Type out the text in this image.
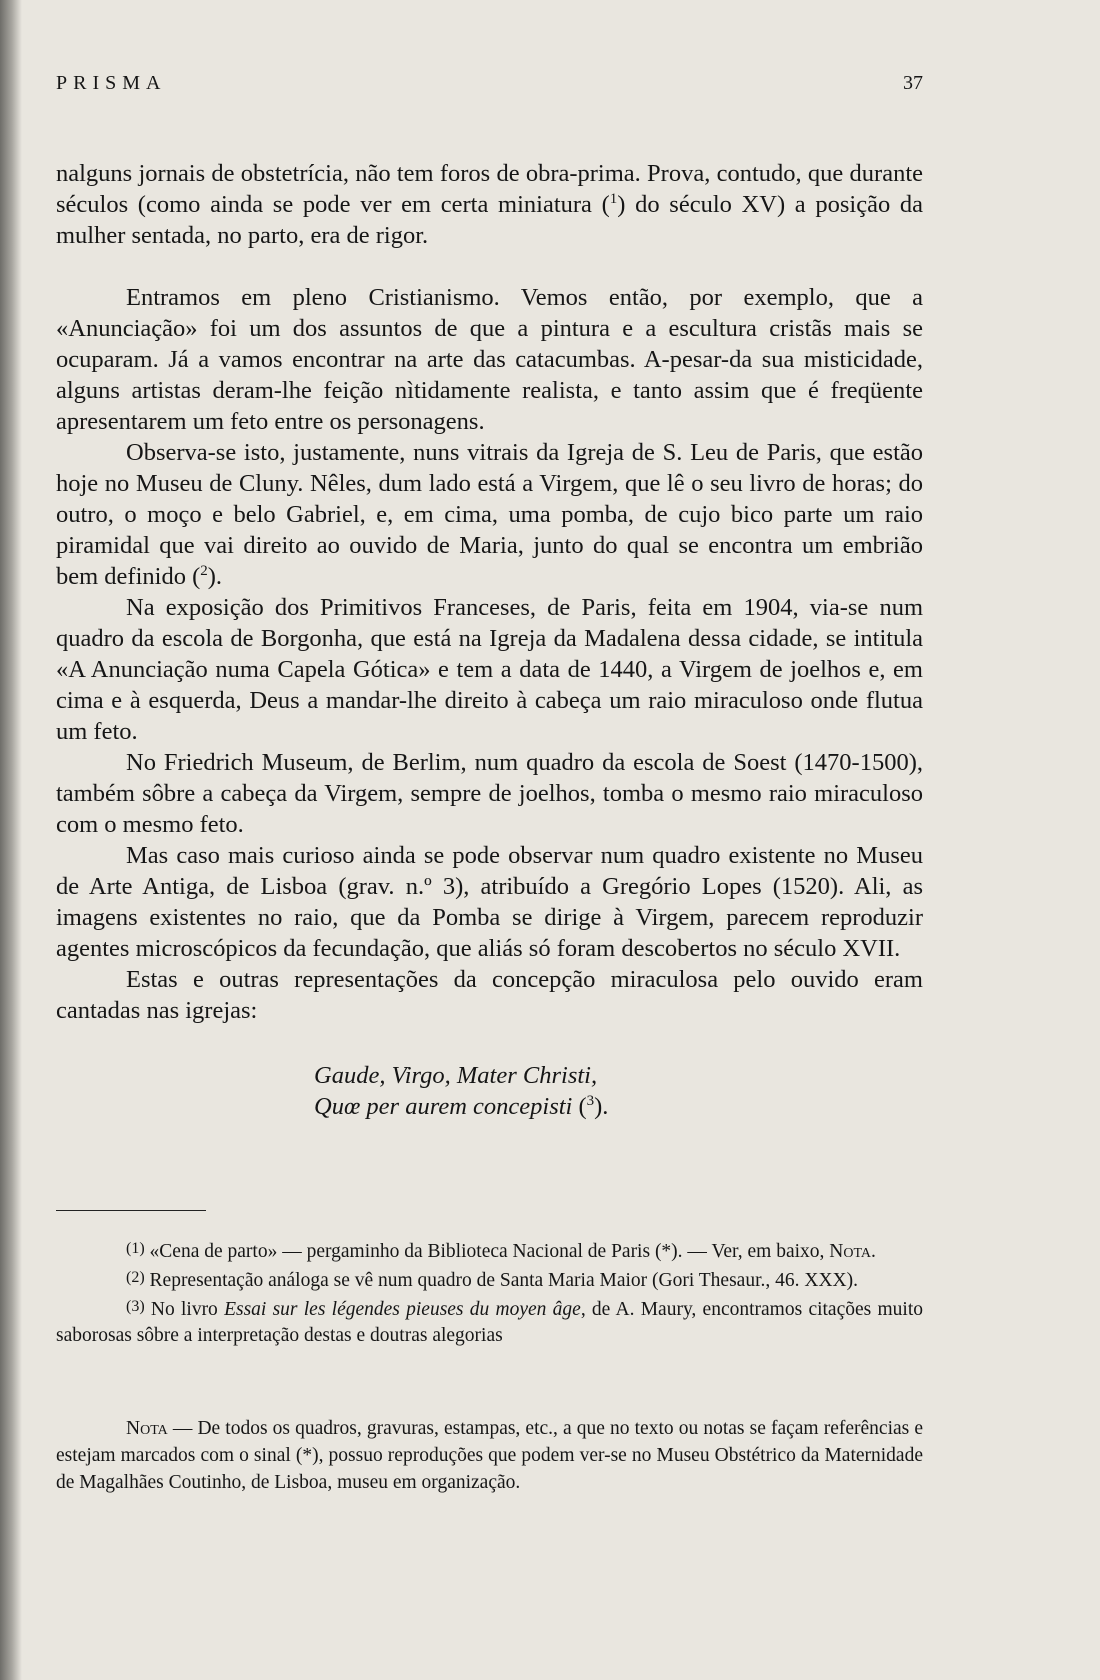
PRISMA	37

nalguns jornais de obstetrícia, não tem foros de obra-prima. Prova, contudo, que durante séculos (como ainda se pode ver em certa miniatura ($^1$) do século XV) a posição da mulher sentada, no parto, era de rigor.

Entramos em pleno Cristianismo. Vemos então, por exemplo, que a «Anunciação» foi um dos assuntos de que a pintura e a escultura cristãs mais se ocuparam. Já a vamos encontrar na arte das catacumbas. A-pesar-da sua misticidade, alguns artistas deram-lhe feição nìtidamente realista, e tanto assim que é freqüente apresentarem um feto entre os personagens.

Observa-se isto, justamente, nuns vitrais da Igreja de S. Leu de Paris, que estão hoje no Museu de Cluny. Nêles, dum lado está a Virgem, que lê o seu livro de horas; do outro, o moço e belo Gabriel, e, em cima, uma pomba, de cujo bico parte um raio piramidal que vai direito ao ouvido de Maria, junto do qual se encontra um embrião bem definido ($^2$).

Na exposição dos Primitivos Franceses, de Paris, feita em 1904, via-se num quadro da escola de Borgonha, que está na Igreja da Madalena dessa cidade, se intitula «A Anunciação numa Capela Gótica» e tem a data de 1440, a Virgem de joelhos e, em cima e à esquerda, Deus a mandar-lhe direito à cabeça um raio miraculoso onde flutua um feto.

No Friedrich Museum, de Berlim, num quadro da escola de Soest (1470-1500), também sôbre a cabeça da Virgem, sempre de joelhos, tomba o mesmo raio miraculoso com o mesmo feto.

Mas caso mais curioso ainda se pode observar num quadro existente no Museu de Arte Antiga, de Lisboa (grav. n.º 3), atribuído a Gregório Lopes (1520). Ali, as imagens existentes no raio, que da Pomba se dirige à Virgem, parecem reproduzir agentes microscópicos da fecundação, que aliás só foram descobertos no século XVII.

Estas e outras representações da concepção miraculosa pelo ouvido eram cantadas nas igrejas:

Gaude, Virgo, Mater Christi,
Quœ per aurem concepisti ($^3$).

$^{(1)}$ «Cena de parto» — pergaminho da Biblioteca Nacional de Paris (*). — Ver, em baixo, Nota.

$^{(2)}$ Representação análoga se vê num quadro de Santa Maria Maior (Gori Thesaur., 46. XXX).

$^{(3)}$ No livro Essai sur les légendes pieuses du moyen âge, de A. Maury, encontramos citações muito saborosas sôbre a interpretação destas e doutras alegorias

Nota — De todos os quadros, gravuras, estampas, etc., a que no texto ou notas se façam referências e estejam marcados com o sinal (*), possuo reproduções que podem ver-se no Museu Obstétrico da Maternidade de Magalhães Coutinho, de Lisboa, museu em organização.
